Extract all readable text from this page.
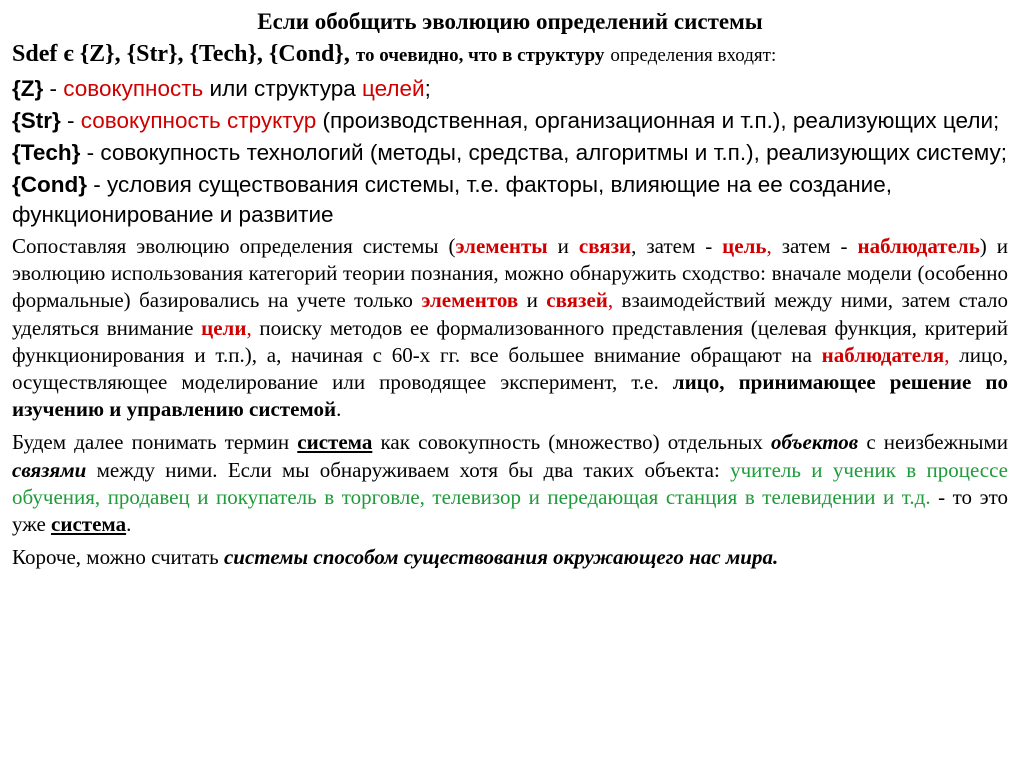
Если обобщить эволюцию определений системы
Sdef є {Z}, {Str}, {Tech}, {Cond}, то очевидно, что в структуру определения входят:
{Z} - совокупность или структура целей;
{Str} - совокупность структур (производственная, организационная и т.п.), реализующих цели;
{Tech} - совокупность технологий (методы, средства, алгоритмы и т.п.), реализующих систему;
{Cond} - условия существования системы, т.е. факторы, влияющие на ее создание, функционирование и развитие
Сопоставляя эволюцию определения системы (элементы и связи, затем - цель, затем - наблюдатель) и эволюцию использования категорий теории познания, можно обнаружить сходство: вначале модели (особенно формальные) базировались на учете только элементов и связей, взаимодействий между ними, затем стало уделяться внимание цели, поиску методов ее формализованного представления (целевая функция, критерий функционирования и т.п.), а, начиная с 60-х гг. все большее внимание обращают на наблюдателя, лицо, осуществляющее моделирование или проводящее эксперимент, т.е. лицо, принимающее решение по изучению и управлению системой.
Будем далее понимать термин система как совокупность (множество) отдельных объектов с неизбежными связями между ними. Если мы обнаруживаем хотя бы два таких объекта: учитель и ученик в процессе обучения, продавец и покупатель в торговле, телевизор и передающая станция в телевидении и т.д. - то это уже система.
Короче, можно считать системы способом существования окружающего нас мира.
